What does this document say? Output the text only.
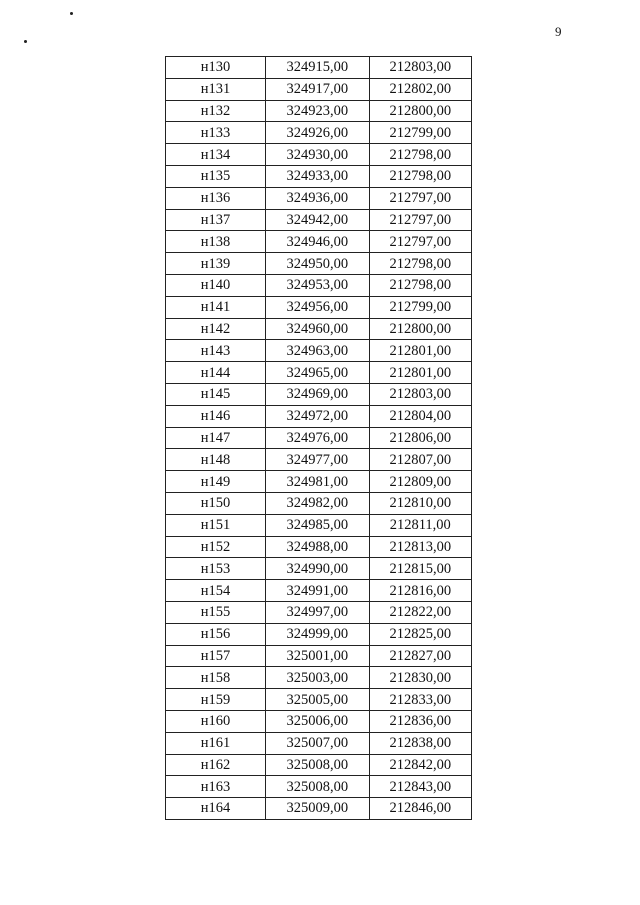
9
н130	324915,00	212803,00
н131	324917,00	212802,00
н132	324923,00	212800,00
н133	324926,00	212799,00
н134	324930,00	212798,00
н135	324933,00	212798,00
н136	324936,00	212797,00
н137	324942,00	212797,00
н138	324946,00	212797,00
н139	324950,00	212798,00
н140	324953,00	212798,00
н141	324956,00	212799,00
н142	324960,00	212800,00
н143	324963,00	212801,00
н144	324965,00	212801,00
н145	324969,00	212803,00
н146	324972,00	212804,00
н147	324976,00	212806,00
н148	324977,00	212807,00
н149	324981,00	212809,00
н150	324982,00	212810,00
н151	324985,00	212811,00
н152	324988,00	212813,00
н153	324990,00	212815,00
н154	324991,00	212816,00
н155	324997,00	212822,00
н156	324999,00	212825,00
н157	325001,00	212827,00
н158	325003,00	212830,00
н159	325005,00	212833,00
н160	325006,00	212836,00
н161	325007,00	212838,00
н162	325008,00	212842,00
н163	325008,00	212843,00
н164	325009,00	212846,00
